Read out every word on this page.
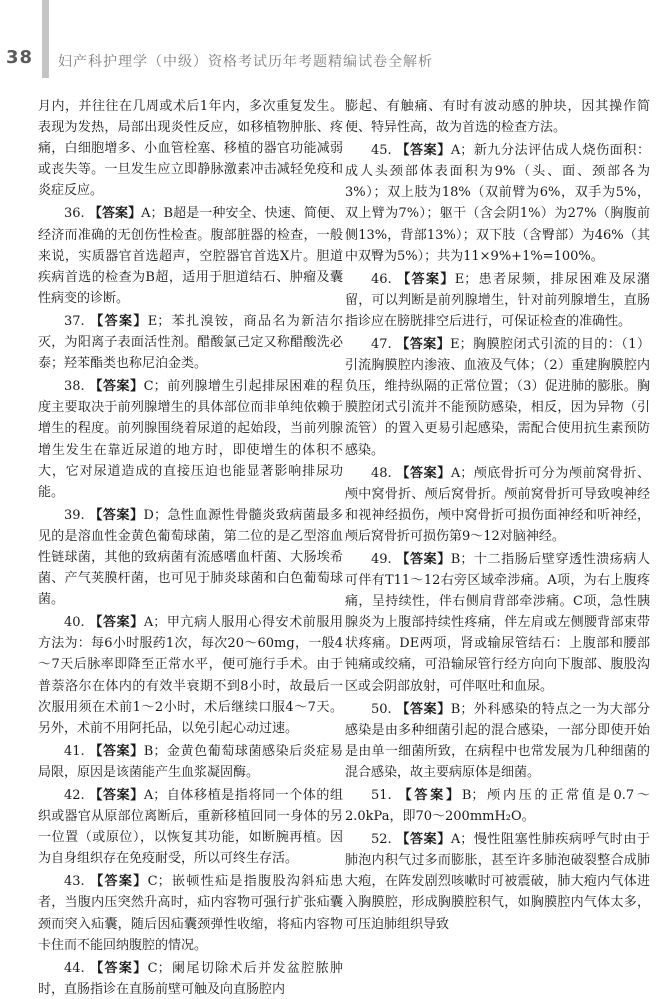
38 妇产科护理学（中级）资格考试历年考题精编试卷全解析

月内，并往往在几周或术后1年内，多次重复发生。表现为发热，局部出现炎性反应，如移植物肿胀、疼痛，白细胞增多、小血管栓塞、移植的器官功能减弱或丧失等。一旦发生应立即静脉激素冲击减轻免疫和炎症反应。

36. 【答案】A；B超是一种安全、快速、简便、经济而准确的无创伤性检查。腹部脏器的检查，一般来说，实质器官首选超声，空腔器官首选X片。胆道疾病首选的检查为B超，适用于胆道结石、肿瘤及囊性病变的诊断。

37. 【答案】E；苯扎溴铵，商品名为新洁尔灭，为阳离子表面活性剂。醋酸氯己定又称醋酸洗必泰；羟苯酯类也称尼泊金类。

38. 【答案】C；前列腺增生引起排尿困难的程度主要取决于前列腺增生的具体部位而非单纯依赖于增生的程度。前列腺围绕着尿道的起始段，当前列腺增生发生在靠近尿道的地方时，即使增生的体积不大，它对尿道造成的直接压迫也能显著影响排尿功能。

39. 【答案】D；急性血源性骨髓炎致病菌最多见的是溶血性金黄色葡萄球菌，第二位的是乙型溶血性链球菌，其他的致病菌有流感嗜血杆菌、大肠埃希菌、产气荚膜杆菌，也可见于肺炎球菌和白色葡萄球菌。

40. 【答案】A；甲亢病人服用心得安术前服用方法为：每6小时服药1次，每次20～60mg，一般4～7天后脉率即降至正常水平，便可施行手术。由于普萘洛尔在体内的有效半衰期不到8小时，故最后一次服用须在术前1～2小时，术后继续口服4～7天。另外，术前不用阿托品，以免引起心动过速。

41. 【答案】B；金黄色葡萄球菌感染后炎症易局限，原因是该菌能产生血浆凝固酶。

42. 【答案】A；自体移植是指将同一个体的组织或器官从原部位离断后，重新移植回同一身体的另一位置（或原位），以恢复其功能，如断腕再植。因为自身组织存在免疫耐受，所以可终生存活。

43. 【答案】C；嵌顿性疝是指腹股沟斜疝患者，当腹内压突然升高时，疝内容物可强行扩张疝囊颈而突入疝囊，随后因疝囊颈弹性收缩，将疝内容物卡住而不能回纳腹腔的情况。

44. 【答案】C；阑尾切除术后并发盆腔脓肿时，直肠指诊在直肠前壁可触及向直肠腔内

膨起、有触痛、有时有波动感的肿块，因其操作简便、特异性高，故为首选的检查方法。

45. 【答案】A；新九分法评估成人烧伤面积：成人头颈部体表面积为9%（头、面、颈部各为3%）；双上肢为18%（双前臂为6%，双手为5%，双上臂为7%）；躯干（含会阴1%）为27%（胸腹前侧13%，背部13%）；双下肢（含臀部）为46%（其中双臀为5%）；共为11×9%+1%=100%。

46. 【答案】E；患者尿频，排尿困难及尿潴留，可以判断是前列腺增生，针对前列腺增生，直肠指诊应在膀胱排空后进行，可保证检查的准确性。

47. 【答案】E；胸膜腔闭式引流的目的：（1）引流胸膜腔内渗液、血液及气体；（2）重建胸膜腔内负压，维持纵隔的正常位置；（3）促进肺的膨胀。胸膜腔闭式引流并不能预防感染，相反，因为异物（引流管）的置入更易引起感染，需配合使用抗生素预防感染。

48. 【答案】A；颅底骨折可分为颅前窝骨折、颅中窝骨折、颅后窝骨折。颅前窝骨折可导致嗅神经和视神经损伤，颅中窝骨折可损伤面神经和听神经，颅后窝骨折可损伤第9～12对脑神经。

49. 【答案】B；十二指肠后壁穿透性溃疡病人可伴有T11～12右旁区域牵涉痛。A项，为右上腹疼痛，呈持续性，伴右侧肩背部牵涉痛。C项，急性胰腺炎为上腹部持续性疼痛，伴左肩或左侧腰背部束带状疼痛。DE两项，肾或输尿管结石：上腹部和腰部钝痛或绞痛，可沿输尿管行经方向向下腹部、腹股沟区或会阴部放射，可伴呕吐和血尿。

50. 【答案】B；外科感染的特点之一为大部分感染是由多种细菌引起的混合感染，一部分即使开始是由单一细菌所致，在病程中也常发展为几种细菌的混合感染，故主要病原体是细菌。

51. 【答案】B；颅内压的正常值是0.7～2.0kPa，即70～200mmH₂O。

52. 【答案】A；慢性阻塞性肺疾病呼气时由于肺泡内积气过多而膨胀，甚至许多肺泡破裂整合成肺大疱，在阵发剧烈咳嗽时可被震破，肺大疱内气体进入胸膜腔，形成胸膜腔积气，如胸膜腔内气体太多，可压迫肺组织导致
